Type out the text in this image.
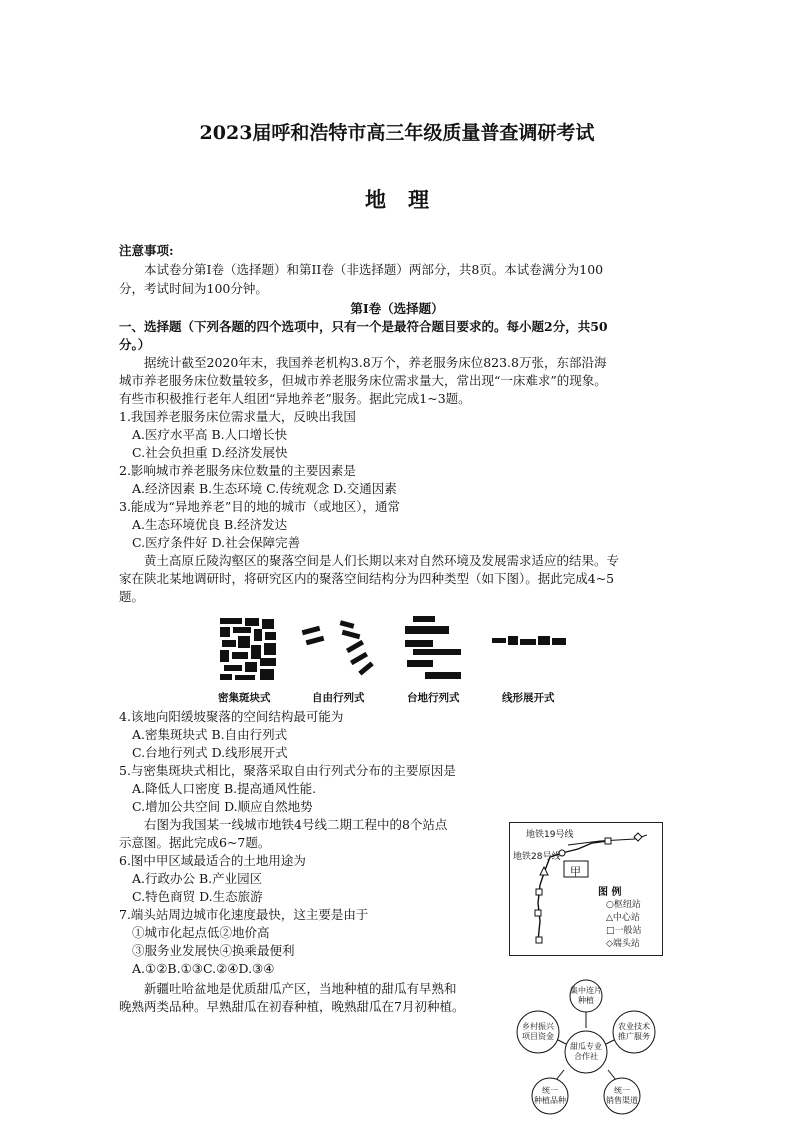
2023届呼和浩特市高三年级质量普查调研考试
地理
注意事项:
本试卷分第I卷（选择题）和第II卷（非选择题）两部分，共8页。本试卷满分为100
分，考试时间为100分钟。
第I卷（选择题）
一、选择题（下列各题的四个选项中，只有一个是最符合题目要求的。每小题2分，共50
分。）
据统计截至2020年末，我国养老机构3.8万个，养老服务床位823.8万张，东部沿海
城市养老服务床位数量较多，但城市养老服务床位需求量大，常出现“一床难求”的现象。
有些市积极推行老年人组团“异地养老”服务。据此完成1~3题。
1.我国养老服务床位需求量大，反映出我国
A.医疗水平高 B.人口增长快
C.社会负担重 D.经济发展快
2.影响城市养老服务床位数量的主要因素是
A.经济因素 B.生态环境 C.传统观念 D.交通因素
3.能成为“异地养老”目的地的城市（或地区），通常
A.生态环境优良 B.经济发达
C.医疗条件好 D.社会保障完善
黄土高原丘陵沟壑区的聚落空间是人们长期以来对自然环境及发展需求适应的结果。专
家在陕北某地调研时，将研究区内的聚落空间结构分为四种类型（如下图）。据此完成4~5
题。
密集斑块式	自由行列式	台地行列式	线形展开式
4.该地向阳缓坡聚落的空间结构最可能为
A.密集斑块式 B.自由行列式
C.台地行列式 D.线形展开式
5.与密集斑块式相比，聚落采取自由行列式分布的主要原因是
A.降低人口密度 B.提高通风性能.
C.增加公共空间 D.顺应自然地势
右图为我国某一线城市地铁4号线二期工程中的8个站点
示意图。据此完成6~7题。
6.图中甲区域最适合的土地用途为
A.行政办公 B.产业园区
C.特色商贸 D.生态旅游
7.端头站周边城市化速度最快，这主要是由于
①城市化起点低②地价高
③服务业发展快④换乘最便利
A.①②B.①③C.②④D.③④
地铁19号线
地铁28号线
甲
图 例
○枢纽站
△中心站
□一般站
◇端头站
新疆吐哈盆地是优质甜瓜产区，当地种植的甜瓜有早熟和
晚熟两类品种。早熟甜瓜在初春种植，晚熟甜瓜在7月初种植。
集中连片
种植
乡村振兴
项目资金
农业技术
推广服务
甜瓜专业
合作社
统一
种植品种
统一
销售渠道
